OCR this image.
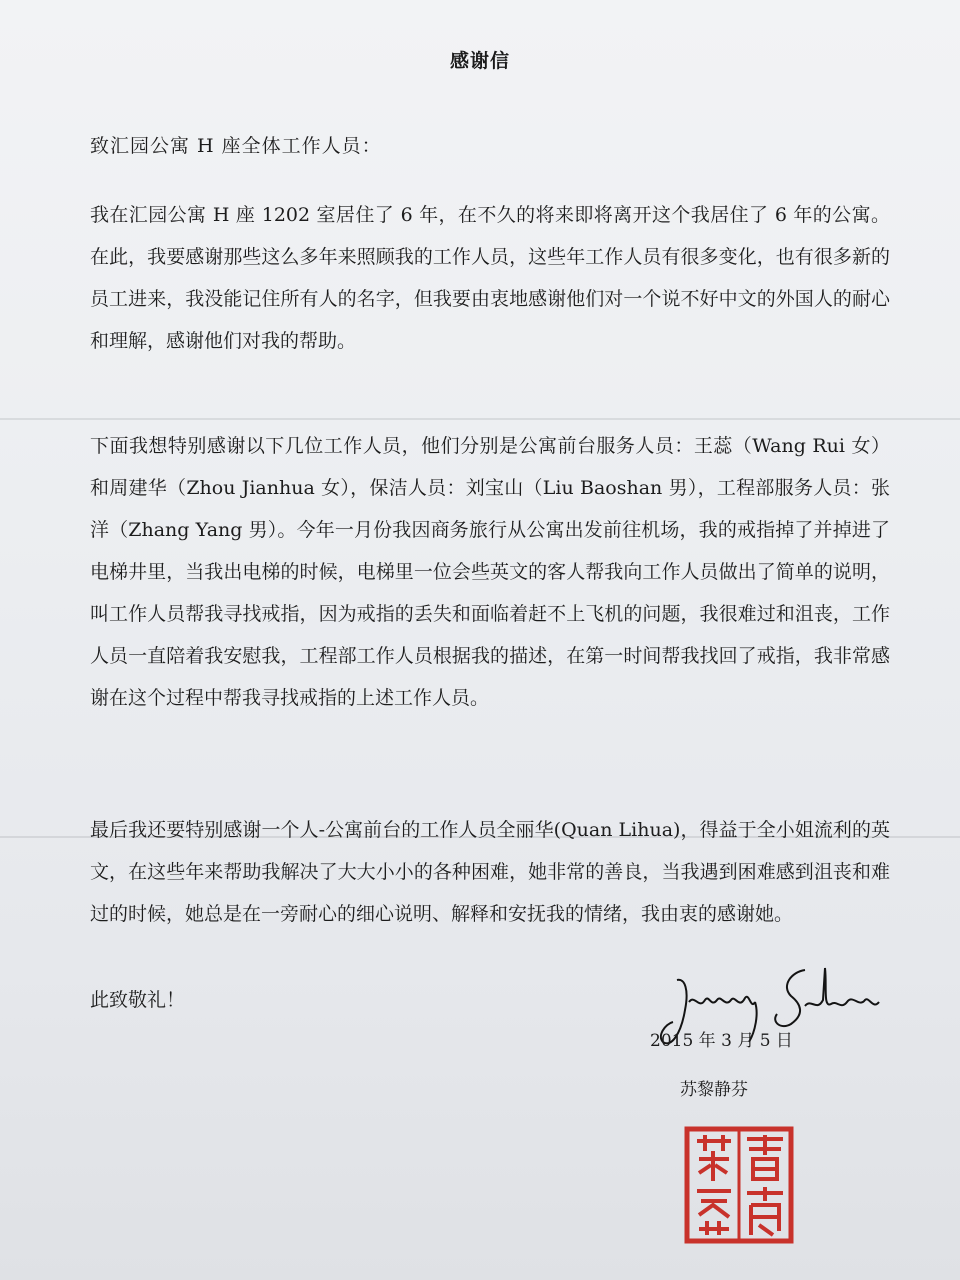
感谢信
致汇园公寓 H 座全体工作人员：
我在汇园公寓 H 座 1202 室居住了 6 年，在不久的将来即将离开这个我居住了 6 年的公寓。在此，我要感谢那些这么多年来照顾我的工作人员，这些年工作人员有很多变化，也有很多新的员工进来，我没能记住所有人的名字，但我要由衷地感谢他们对一个说不好中文的外国人的耐心和理解，感谢他们对我的帮助。
下面我想特别感谢以下几位工作人员，他们分别是公寓前台服务人员：王蕊（Wang Rui 女）和周建华（Zhou Jianhua 女），保洁人员：刘宝山（Liu Baoshan 男），工程部服务人员：张洋（Zhang Yang 男）。今年一月份我因商务旅行从公寓出发前往机场，我的戒指掉了并掉进了电梯井里，当我出电梯的时候，电梯里一位会些英文的客人帮我向工作人员做出了简单的说明，叫工作人员帮我寻找戒指，因为戒指的丢失和面临着赶不上飞机的问题，我很难过和沮丧，工作人员一直陪着我安慰我，工程部工作人员根据我的描述，在第一时间帮我找回了戒指，我非常感谢在这个过程中帮我寻找戒指的上述工作人员。
最后我还要特别感谢一个人-公寓前台的工作人员全丽华(Quan Lihua)，得益于全小姐流利的英文，在这些年来帮助我解决了大大小小的各种困难，她非常的善良，当我遇到困难感到沮丧和难过的时候，她总是在一旁耐心的细心说明、解释和安抚我的情绪，我由衷的感谢她。
此致敬礼！
2015 年 3 月 5 日
苏黎静芬
